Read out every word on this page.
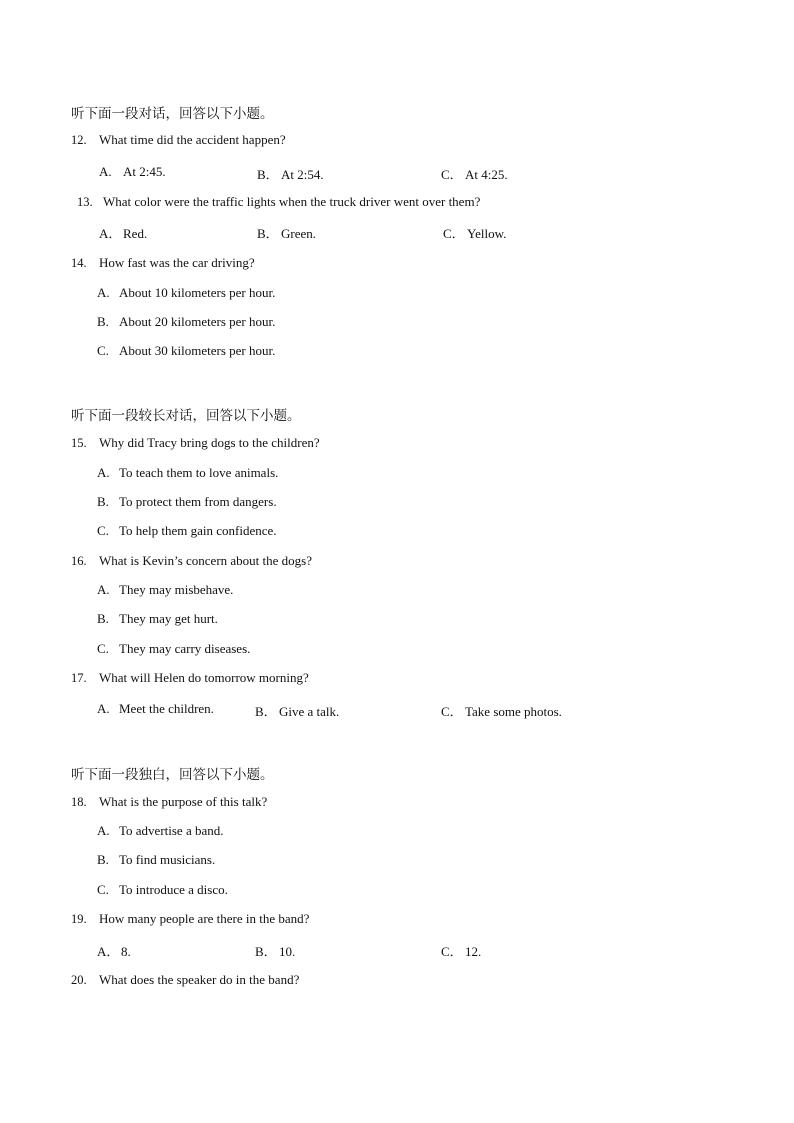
听下面一段对话，回答以下小题。
12. What time did the accident happen?
A. At 2:45.	B． At 2:54.	C． At 4:25.
13. What color were the traffic lights when the truck driver went over them?
A． Red.	B． Green.	C． Yellow.
14. How fast was the car driving?
A. About 10 kilometers per hour.
B. About 20 kilometers per hour.
C. About 30 kilometers per hour.
听下面一段较长对话，回答以下小题。
15. Why did Tracy bring dogs to the children?
A. To teach them to love animals.
B. To protect them from dangers.
C. To help them gain confidence.
16. What is Kevin’s concern about the dogs?
A. They may misbehave.
B. They may get hurt.
C. They may carry diseases.
17. What will Helen do tomorrow morning?
A. Meet the children.	B． Give a talk.	C． Take some photos.
听下面一段独白，回答以下小题。
18. What is the purpose of this talk?
A. To advertise a band.
B. To find musicians.
C. To introduce a disco.
19. How many people are there in the band?
A． 8.	B． 10.	C． 12.
20. What does the speaker do in the band?
